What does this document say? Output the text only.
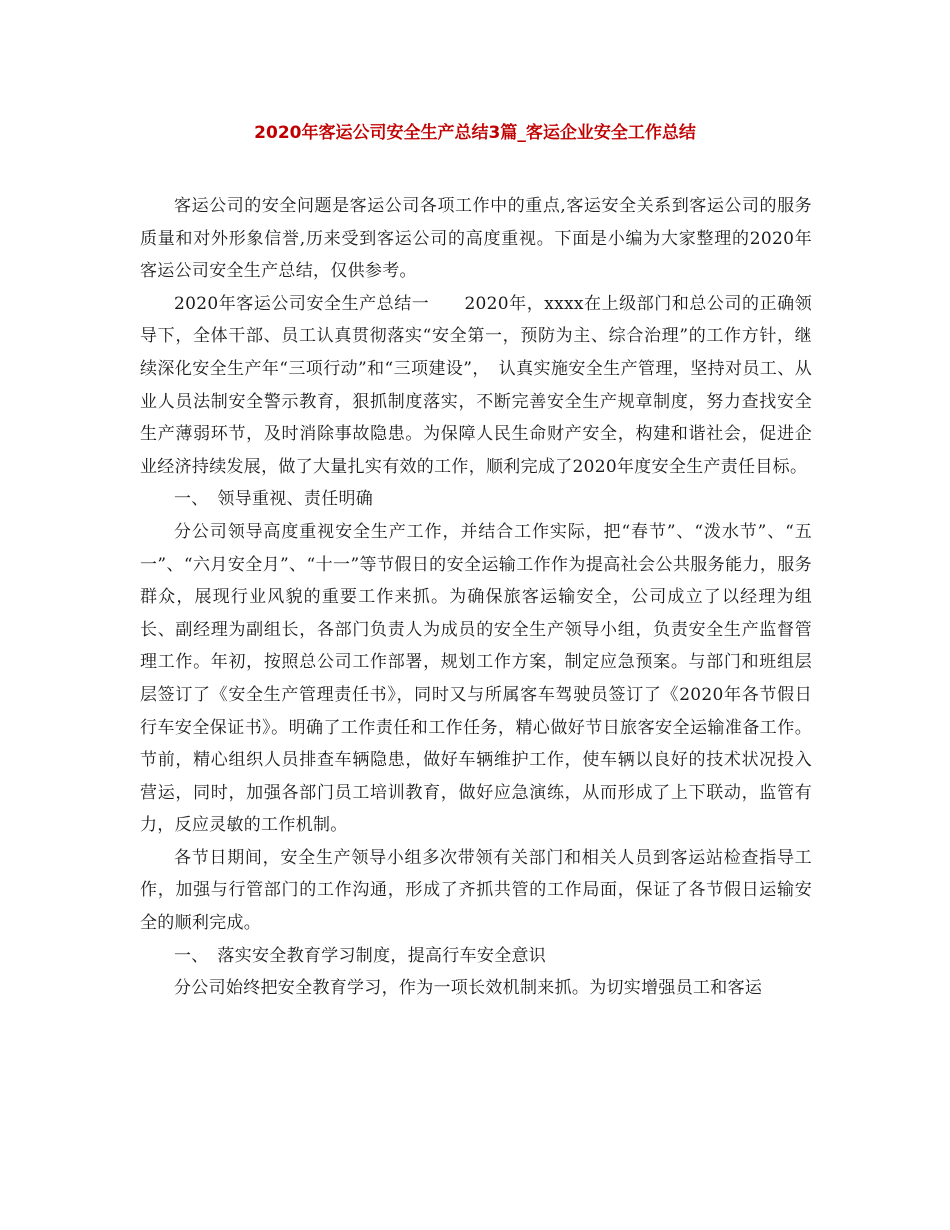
2020年客运公司安全生产总结3篇_客运企业安全工作总结

客运公司的安全问题是客运公司各项工作中的重点,客运安全关系到客运公司的服务质量和对外形象信誉,历来受到客运公司的高度重视。下面是小编为大家整理的2020年客运公司安全生产总结，仅供参考。

2020年客运公司安全生产总结一　　2020年，xxxx在上级部门和总公司的正确领导下，全体干部、员工认真贯彻落实“安全第一，预防为主、综合治理”的工作方针，继续深化安全生产年“三项行动”和“三项建设”，　认真实施安全生产管理，坚持对员工、从业人员法制安全警示教育，狠抓制度落实，不断完善安全生产规章制度，努力查找安全生产薄弱环节，及时消除事故隐患。为保障人民生命财产安全，构建和谐社会，促进企业经济持续发展，做了大量扎实有效的工作，顺利完成了2020年度安全生产责任目标。

一、　领导重视、责任明确

分公司领导高度重视安全生产工作，并结合工作实际，把“春节”、“泼水节”、“五一”、“六月安全月”、“十一”等节假日的安全运输工作作为提高社会公共服务能力，服务群众，展现行业风貌的重要工作来抓。为确保旅客运输安全，公司成立了以经理为组长、副经理为副组长，各部门负责人为成员的安全生产领导小组，负责安全生产监督管理工作。年初，按照总公司工作部署，规划工作方案，制定应急预案。与部门和班组层层签订了《安全生产管理责任书》，同时又与所属客车驾驶员签订了《2020年各节假日行车安全保证书》。明确了工作责任和工作任务，精心做好节日旅客安全运输准备工作。节前，精心组织人员排查车辆隐患，做好车辆维护工作，使车辆以良好的技术状况投入营运，同时，加强各部门员工培训教育，做好应急演练，从而形成了上下联动，监管有力，反应灵敏的工作机制。

各节日期间，安全生产领导小组多次带领有关部门和相关人员到客运站检查指导工作，加强与行管部门的工作沟通，形成了齐抓共管的工作局面，保证了各节假日运输安全的顺利完成。

一、　落实安全教育学习制度，提高行车安全意识

分公司始终把安全教育学习，作为一项长效机制来抓。为切实增强员工和客运
